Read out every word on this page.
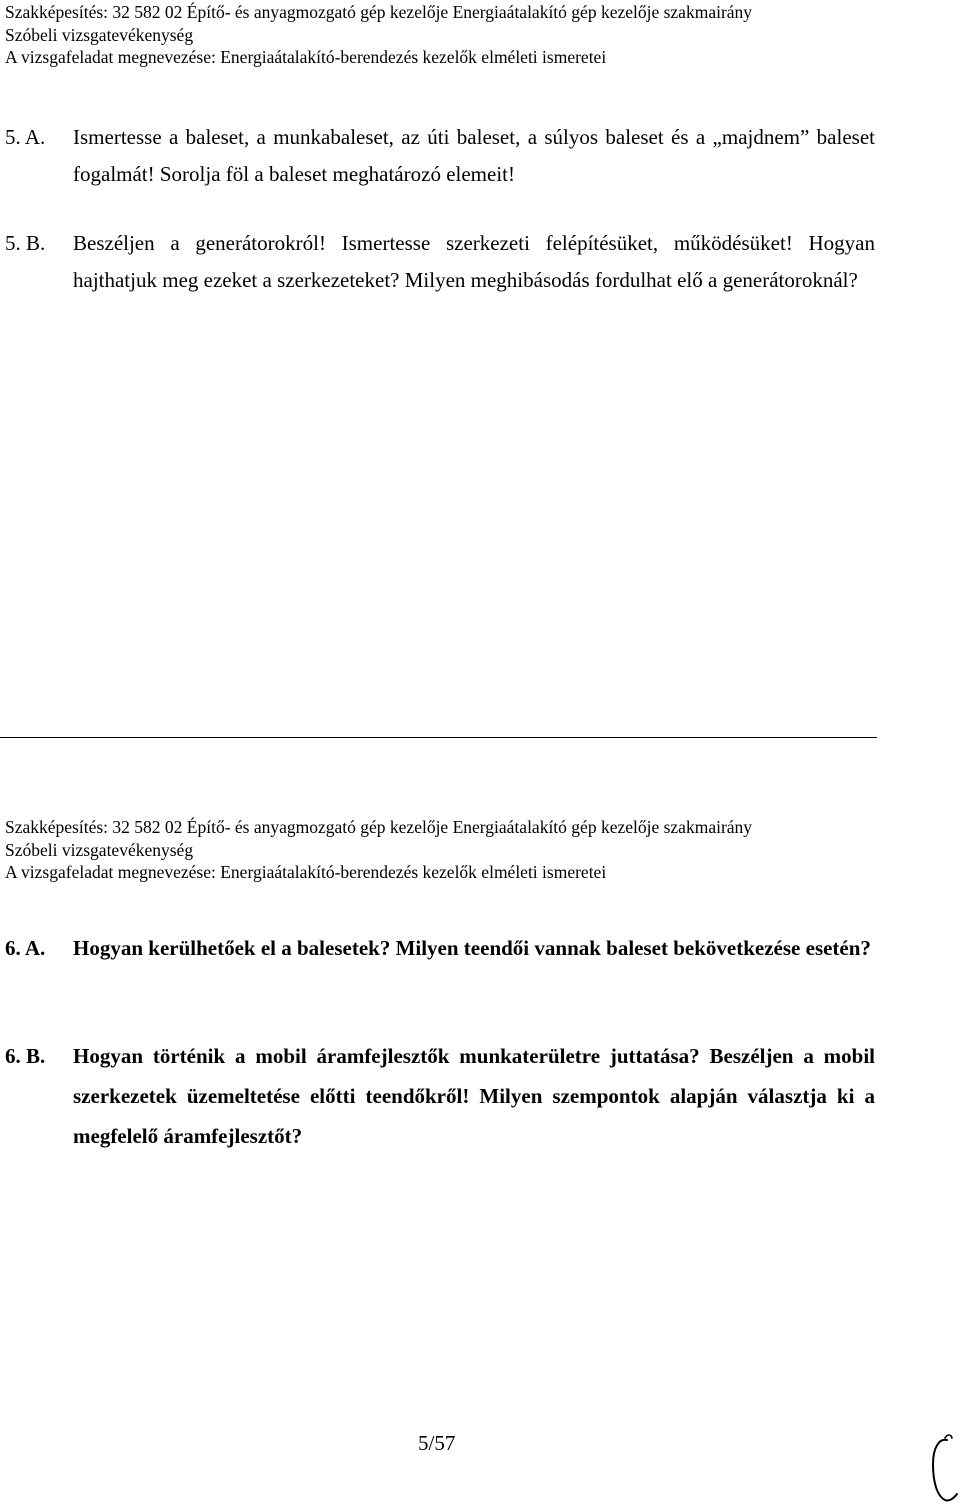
Szakképesítés: 32 582 02 Építő- és anyagmozgató gép kezelője Energiaátalakító gép kezelője szakmairány
Szóbeli vizsgatevékenység
A vizsgafeladat megnevezése: Energiaátalakító-berendezés kezelők elméleti ismeretei
5. A. Ismertesse a baleset, a munkabaleset, az úti baleset, a súlyos baleset és a „majdnem” baleset fogalmát! Sorolja föl a baleset meghatározó elemeit!
5. B. Beszéljen a generátorokról! Ismertesse szerkezeti felépítésüket, működésüket! Hogyan hajthatjuk meg ezeket a szerkezeteket? Milyen meghibásodás fordulhat elő a generátoroknál?
Szakképesítés: 32 582 02 Építő- és anyagmozgató gép kezelője Energiaátalakító gép kezelője szakmairány
Szóbeli vizsgatevékenység
A vizsgafeladat megnevezése: Energiaátalakító-berendezés kezelők elméleti ismeretei
6. A. Hogyan kerülhetőek el a balesetek? Milyen teendői vannak baleset bekövetkezése esetén?
6. B. Hogyan történik a mobil áramfejlesztők munkaterületre juttatása? Beszéljen a mobil szerkezetek üzemeltetése előtti teendőkről! Milyen szempontok alapján választja ki a megfelelő áramfejlesztőt?
5/57
